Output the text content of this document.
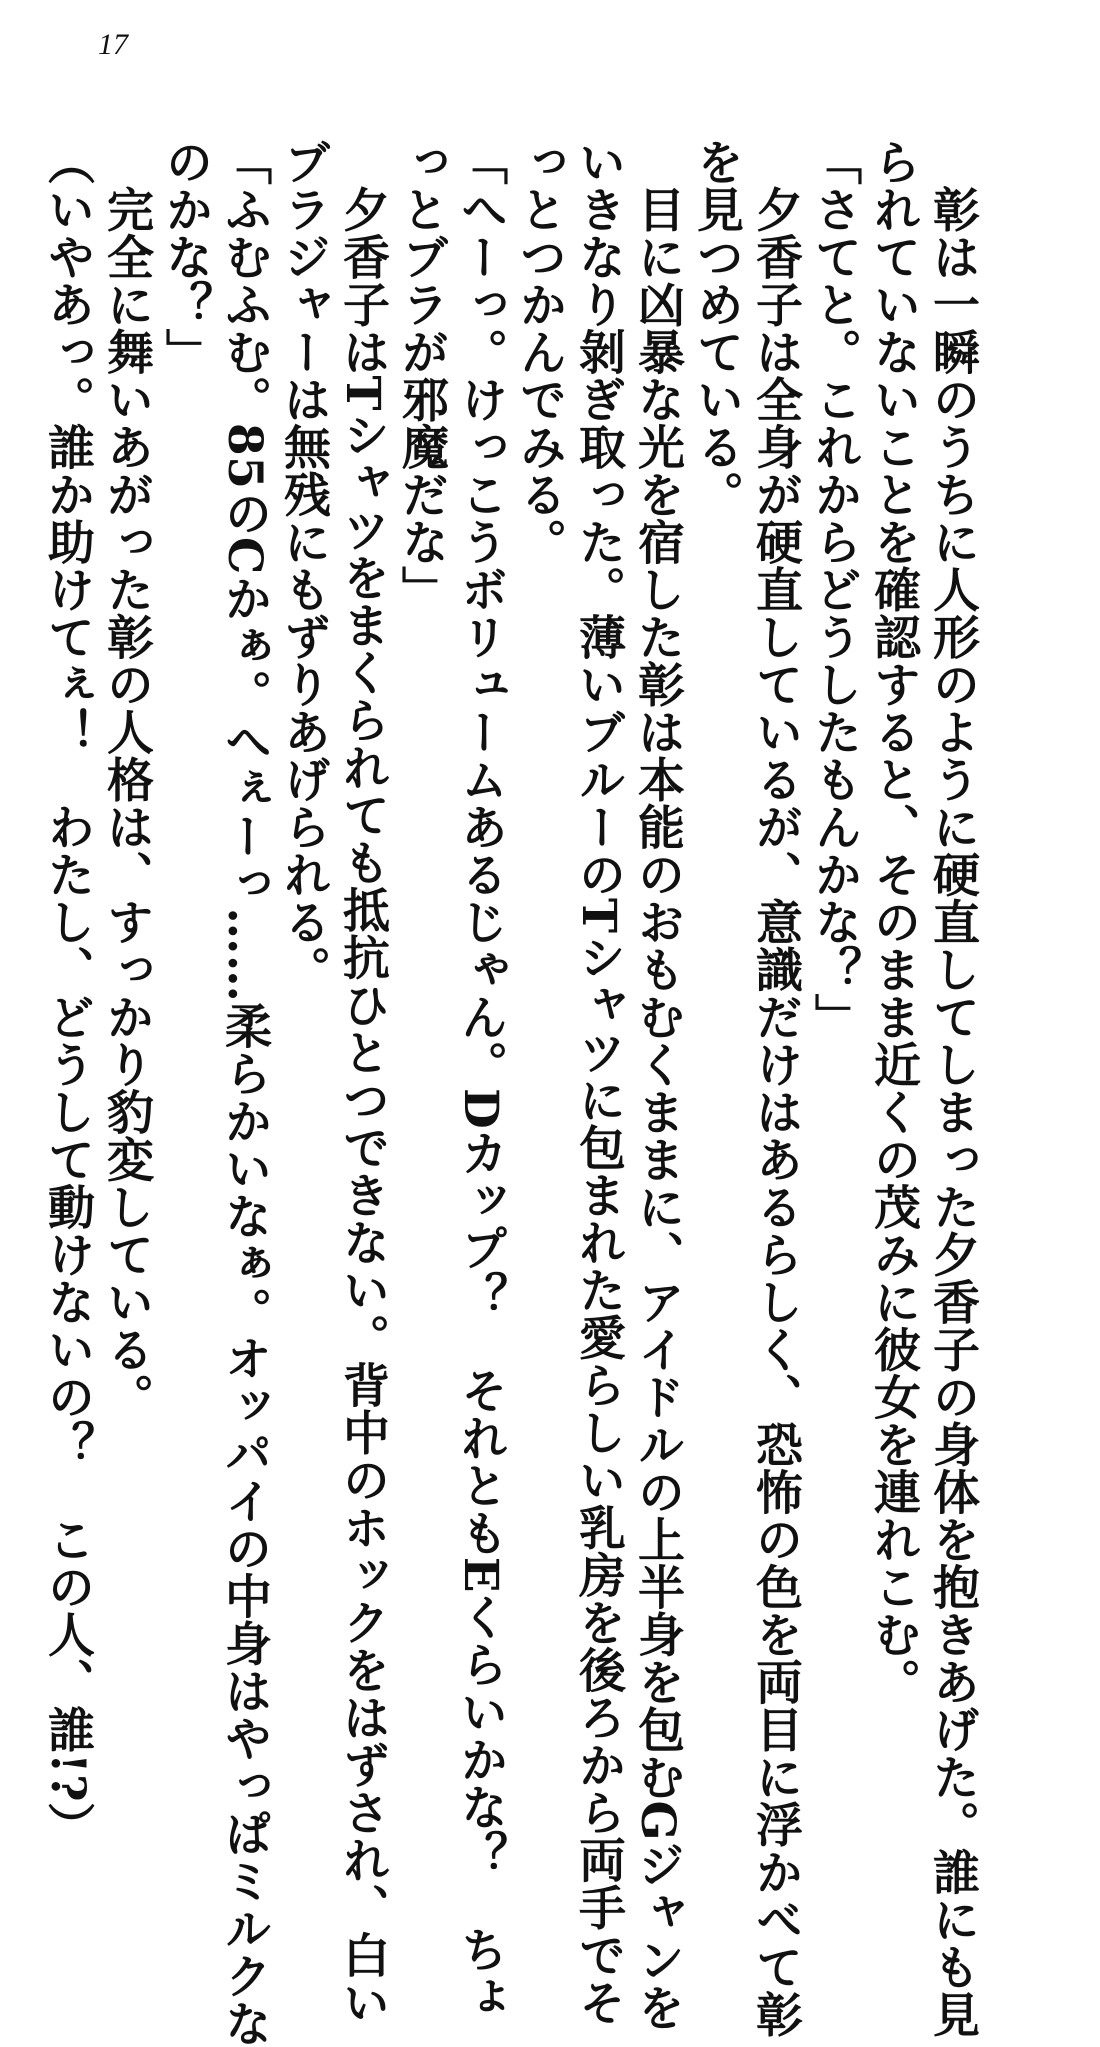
17
　彰は一瞬のうちに人形のように硬直してしまった夕香子の身体を抱きあげた。誰にも見
られていないことを確認すると、そのまま近くの茂みに彼女を連れこむ。
「さてと。これからどうしたもんかな？」
　夕香子は全身が硬直しているが、意識だけはあるらしく、恐怖の色を両目に浮かべて彰
を見つめている。
　目に凶暴な光を宿した彰は本能のおもむくままに、アイドルの上半身を包むGジャンを
いきなり剝ぎ取った。薄いブルーのTシャツに包まれた愛らしい乳房を後ろから両手でそ
っとつかんでみる。
「へーっ。けっこうボリュームあるじゃん。Dカップ？　それともEくらいかな？　ちょ
っとブラが邪魔だな」
　夕香子はTシャツをまくられても抵抗ひとつできない。背中のホックをはずされ、白い
ブラジャーは無残にもずりあげられる。
「ふむふむ。85のCかぁ。へぇーっ……柔らかいなぁ。オッパイの中身はやっぱミルクな
のかな？」
　完全に舞いあがった彰の人格は、すっかり豹変している。
（いやあっ。誰か助けてぇ！　わたし、どうして動けないの？　この人、誰!?）
